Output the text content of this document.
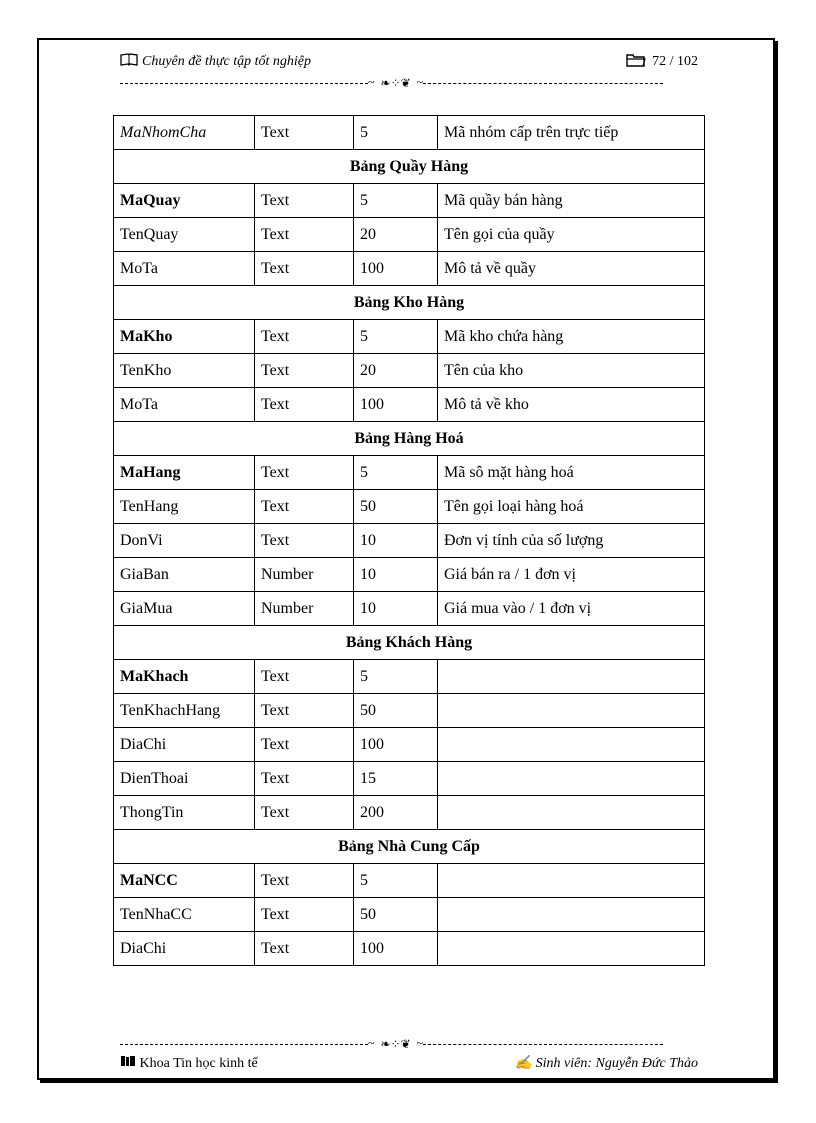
Chuyên đề thực tập tốt nghiệp	72 / 102
~ ❧⁘❦ ~
MaNhomCha	Text	5	Mã nhóm cấp trên trực tiếp
Bảng Quầy Hàng			
MaQuay	Text	5	Mã quầy bán hàng
TenQuay	Text	20	Tên gọi của quầy
MoTa	Text	100	Mô tả về quầy
Bảng Kho Hàng			
MaKho	Text	5	Mã kho chứa hàng
TenKho	Text	20	Tên của kho
MoTa	Text	100	Mô tả về kho
Bảng Hàng Hoá			
MaHang	Text	5	Mã sô mặt hàng hoá
TenHang	Text	50	Tên gọi loại hàng hoá
DonVi	Text	10	Đơn vị tính của số lượng
GiaBan	Number	10	Giá bán ra / 1 đơn vị
GiaMua	Number	10	Giá mua vào / 1 đơn vị
Bảng Khách Hàng			
MaKhach	Text	5	
TenKhachHang	Text	50	
DiaChi	Text	100	
DienThoai	Text	15	
ThongTin	Text	200	
Bảng Nhà Cung Cấp			
MaNCC	Text	5	
TenNhaCC	Text	50	
DiaChi	Text	100	
~ ❧⁘❦ ~
Khoa Tin học kinh tế	✍ Sinh viên: Nguyễn Đức Thảo
